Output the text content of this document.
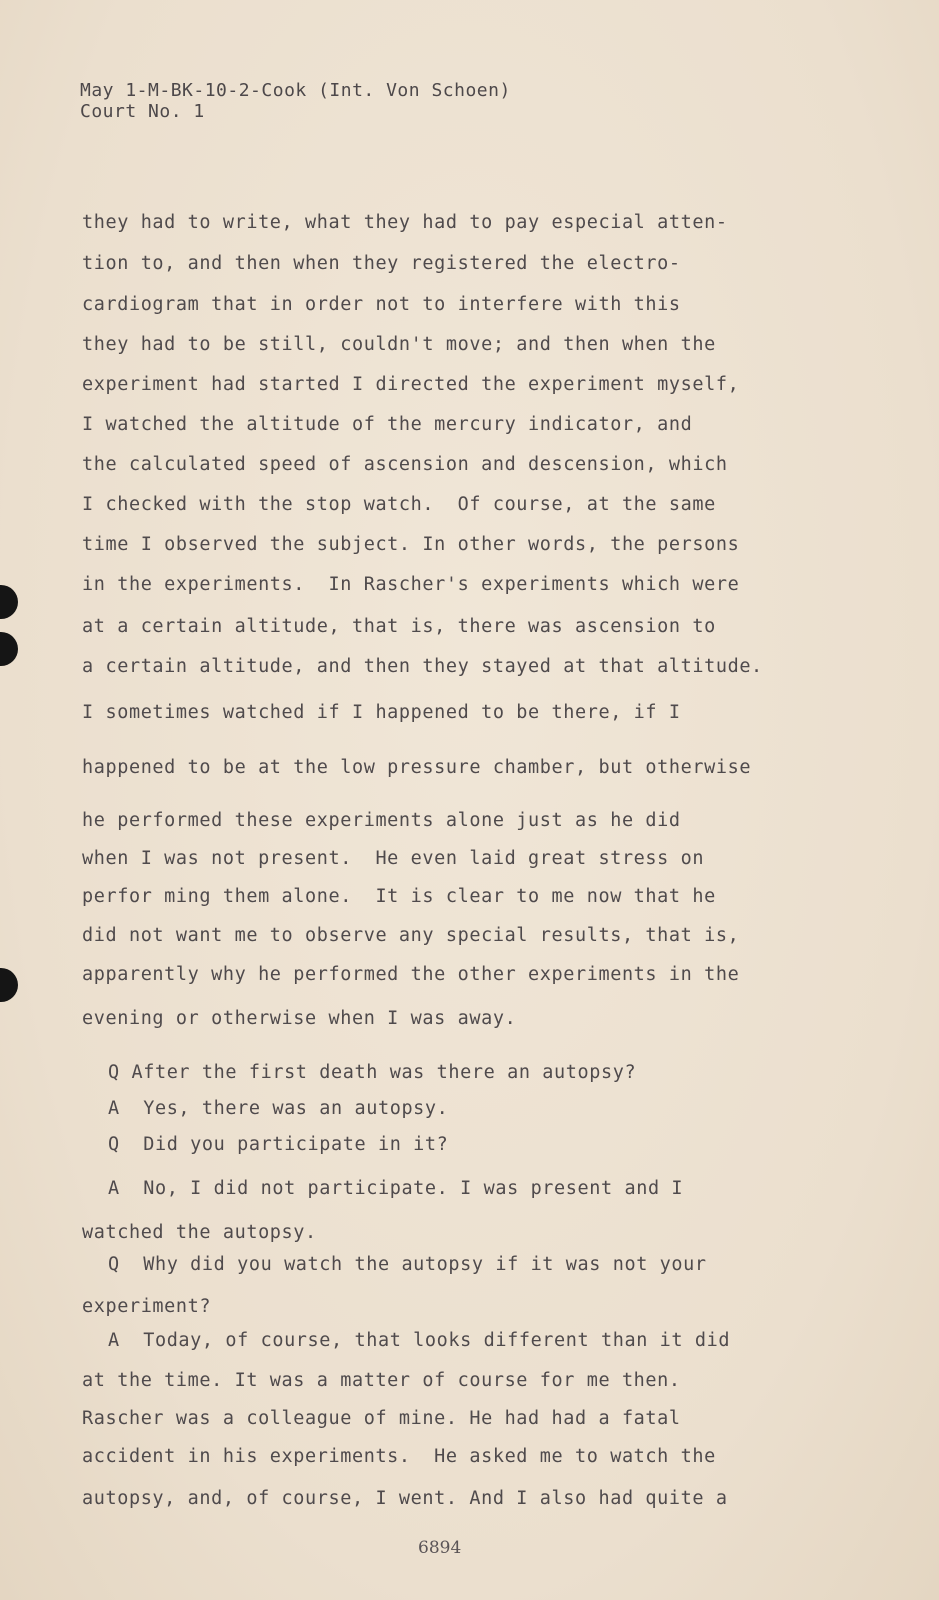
May 1-M-BK-10-2-Cook (Int. Von Schoen)
Court No. 1
they had to write, what they had to pay especial atten-
tion to, and then when they registered the electro-
cardiogram that in order not to interfere with this
they had to be still, couldn't move; and then when the
experiment had started I directed the experiment myself,
I watched the altitude of the mercury indicator, and
the calculated speed of ascension and descension, which
I checked with the stop watch.  Of course, at the same
time I observed the subject. In other words, the persons
in the experiments.  In Rascher's experiments which were
at a certain altitude, that is, there was ascension to
a certain altitude, and then they stayed at that altitude.
I sometimes watched if I happened to be there, if I
happened to be at the low pressure chamber, but otherwise
he performed these experiments alone just as he did
when I was not present.  He even laid great stress on
perfor ming them alone.  It is clear to me now that he
did not want me to observe any special results, that is,
apparently why he performed the other experiments in the
evening or otherwise when I was away.
Q After the first death was there an autopsy?
A  Yes, there was an autopsy.
Q  Did you participate in it?
A  No, I did not participate. I was present and I
watched the autopsy.
Q  Why did you watch the autopsy if it was not your
experiment?
A  Today, of course, that looks different than it did
at the time. It was a matter of course for me then.
Rascher was a colleague of mine. He had had a fatal
accident in his experiments.  He asked me to watch the
autopsy, and, of course, I went. And I also had quite a
6894
